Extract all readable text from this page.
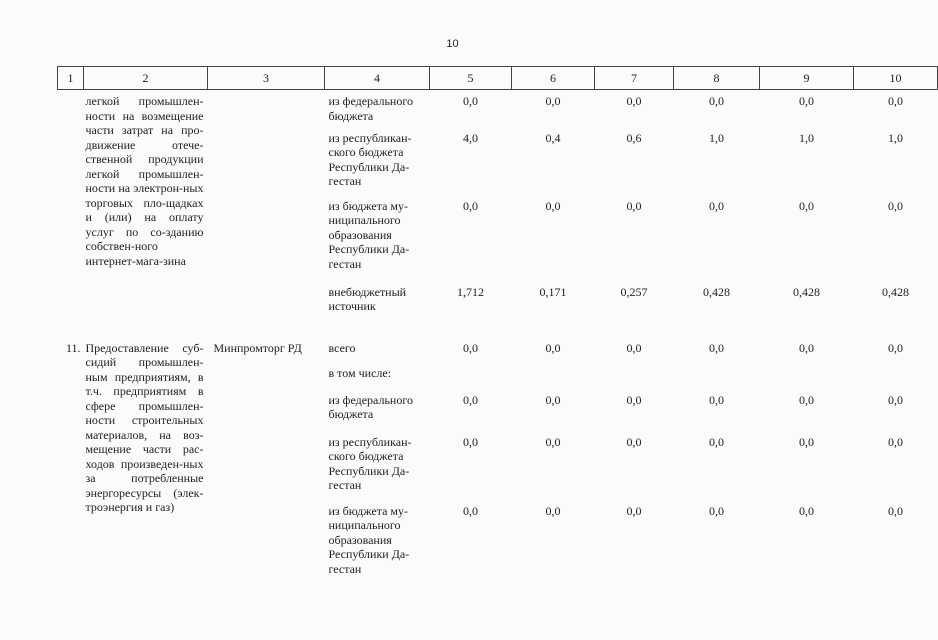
10
1	2	3	4	5	6	7	8	9	10
	легкой промышлен-ности на возмещение части затрат на про-движение отече-ственной продукции легкой промышлен-ности на электрон-ных торговых пло-щадках и (или) на оплату услуг по со-зданию собствен-ного интернет-мага-зина		из федерального бюджета	0,0	0,0	0,0	0,0	0,0	0,0
			из республикан-ского бюджета Республики Да-гестан	4,0	0,4	0,6	1,0	1,0	1,0
			из бюджета му-ниципального образования Республики Да-гестан	0,0	0,0	0,0	0,0	0,0	0,0
			внебюджетный источник	1,712	0,171	0,257	0,428	0,428	0,428

11.	Предоставление суб-сидий промышлен-ным предприятиям, в т.ч. предприятиям в сфере промышлен-ности строительных материалов, на воз-мещение части рас-ходов произведен-ных за потребленные энергоресурсы (элек-троэнергия и газ)	Минпромторг РД	всего	0,0	0,0	0,0	0,0	0,0	0,0
			в том числе:						
			из федерального бюджета	0,0	0,0	0,0	0,0	0,0	0,0
			из республикан-ского бюджета Республики Да-гестан	0,0	0,0	0,0	0,0	0,0	0,0
			из бюджета му-ниципального образования Республики Да-гестан	0,0	0,0	0,0	0,0	0,0	0,0
